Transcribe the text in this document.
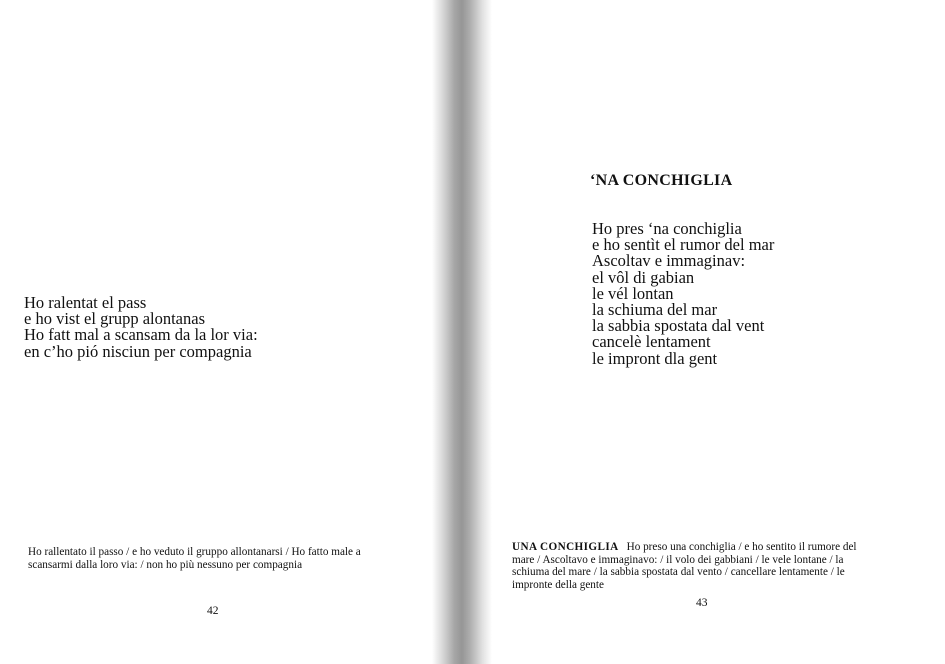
Ho ralentat el pass
e ho vist el grupp alontanas
Ho fatt mal a scansam da la lor via:
en c’ho pió nisciun per compagnia
Ho rallentato il passo / e ho veduto il gruppo allontanarsi / Ho fatto male a
scansarmi dalla loro via: / non ho più nessuno per compagnia
42
‘NA CONCHIGLIA
Ho pres ‘na conchiglia
e ho sentìt el rumor del mar
Ascoltav e immaginav:
el vôl di gabian
le vél lontan
la schiuma del mar
la sabbia spostata dal vent
cancelè lentament
le impront dla gent
UNA CONCHIGLIA Ho preso una conchiglia / e ho sentito il rumore del
mare / Ascoltavo e immaginavo: / il volo dei gabbiani / le vele lontane / la
schiuma del mare / la sabbia spostata dal vento / cancellare lentamente / le
impronte della gente
43
